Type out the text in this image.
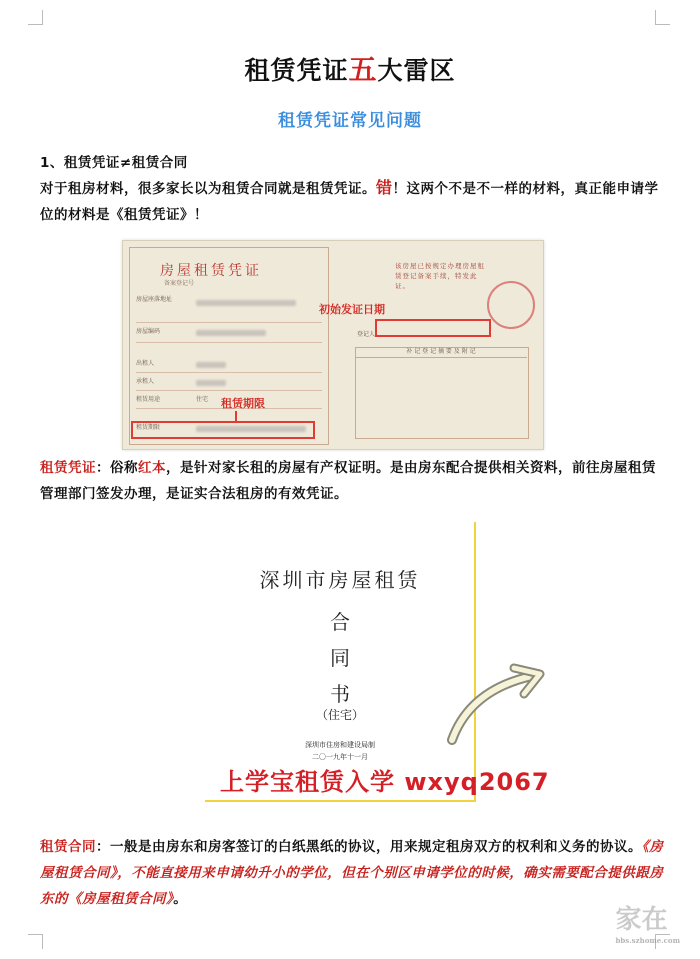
租赁凭证五大雷区
租赁凭证常见问题
1、租赁凭证≠租赁合同
对于租房材料，很多家长以为租赁合同就是租赁凭证。错！这两个不是不一样的材料，真正能申请学位的材料是《租赁凭证》！
房屋租赁凭证
备案登记号
房屋座落地址
房屋编码
出租人
承租人
租赁用途	住宅
租赁期限
该房屋已按规定办理房屋租赁登记备案手续，特发此证。
登记人：
补 记 登 记 摘 要 及 附 记
初始发证日期
租赁期限
租赁凭证：俗称红本，是针对家长租的房屋有产权证明。是由房东配合提供相关资料，前往房屋租赁管理部门签发办理，是证实合法租房的有效凭证。
深圳市房屋租赁
合
同
书
（住宅）
深圳市住房和建设局制
二〇一九年十一月
上学宝租赁入学 wxyq2067
租赁合同：一般是由房东和房客签订的白纸黑纸的协议，用来规定租房双方的权利和义务的协议。《房屋租赁合同》，不能直接用来申请幼升小的学位，但在个别区申请学位的时候，确实需要配合提供跟房东的《房屋租赁合同》。
家在
bbs.szhome.com
